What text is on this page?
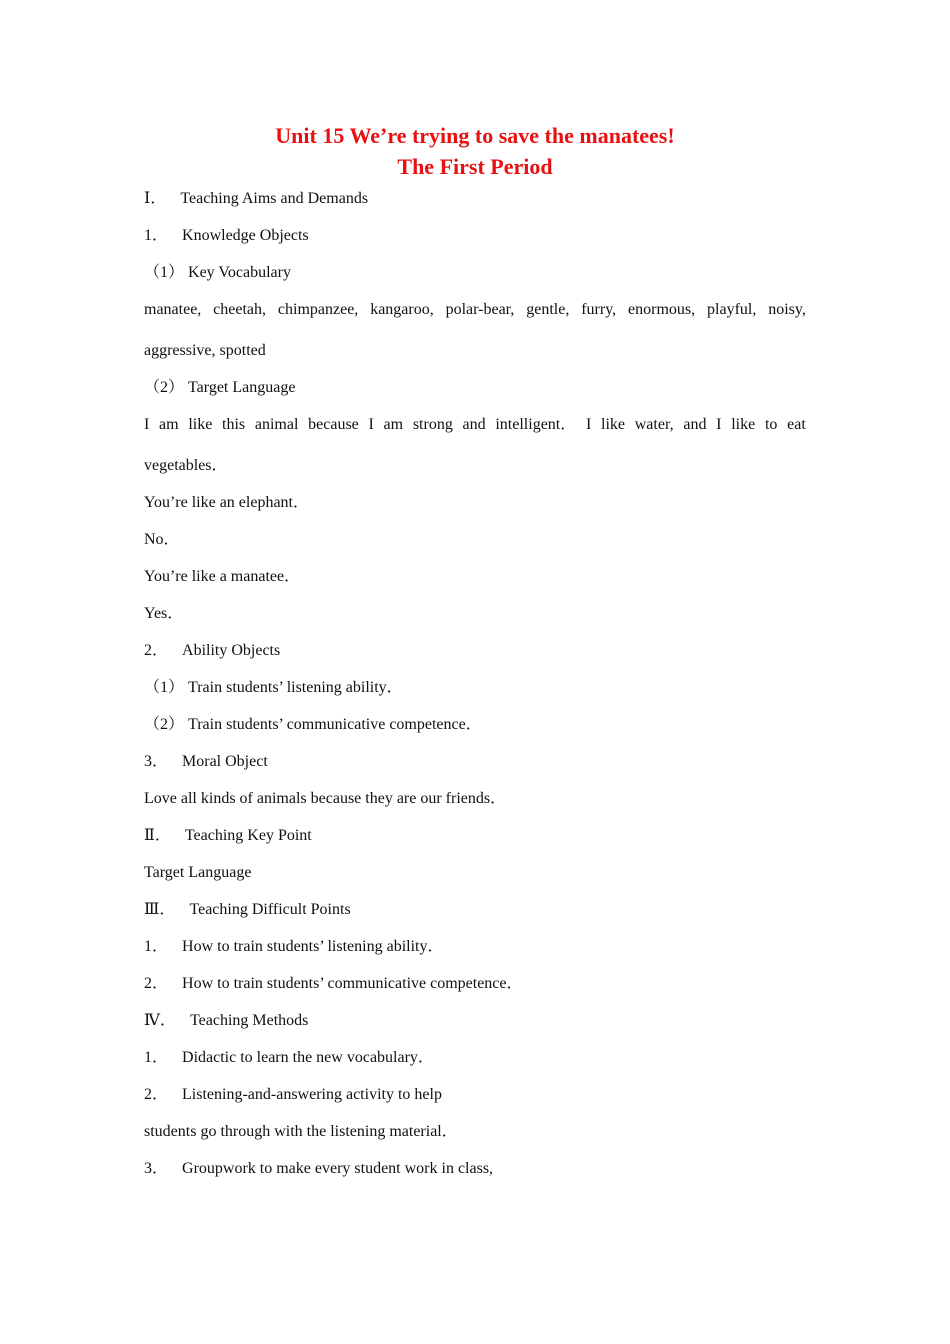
Unit 15 We’re trying to save the manatees!

The First Period

Ⅰ． Teaching Aims and Demands

1． Knowledge Objects

（1） Key Vocabulary

manatee, cheetah, chimpanzee, kangaroo, polar-bear, gentle, furry, enormous, playful, noisy,

aggressive, spotted

（2） Target Language

I am like this animal because I am strong and intelligent． I like water, and I like to eat

vegetables．

You’re like an elephant．

No．

You’re like a manatee．

Yes．

2． Ability Objects

（1） Train students’ listening ability．

（2） Train students’ communicative competence．

3． Moral Object

Love all kinds of animals because they are our friends．

Ⅱ． Teaching Key Point

Target Language

Ⅲ． Teaching Difficult Points

1． How to train students’ listening ability．

2． How to train students’ communicative competence．

Ⅳ． Teaching Methods

1． Didactic to learn the new vocabulary．

2． Listening-and-answering activity to help

students go through with the listening material．

3． Groupwork to make every student work in class,
